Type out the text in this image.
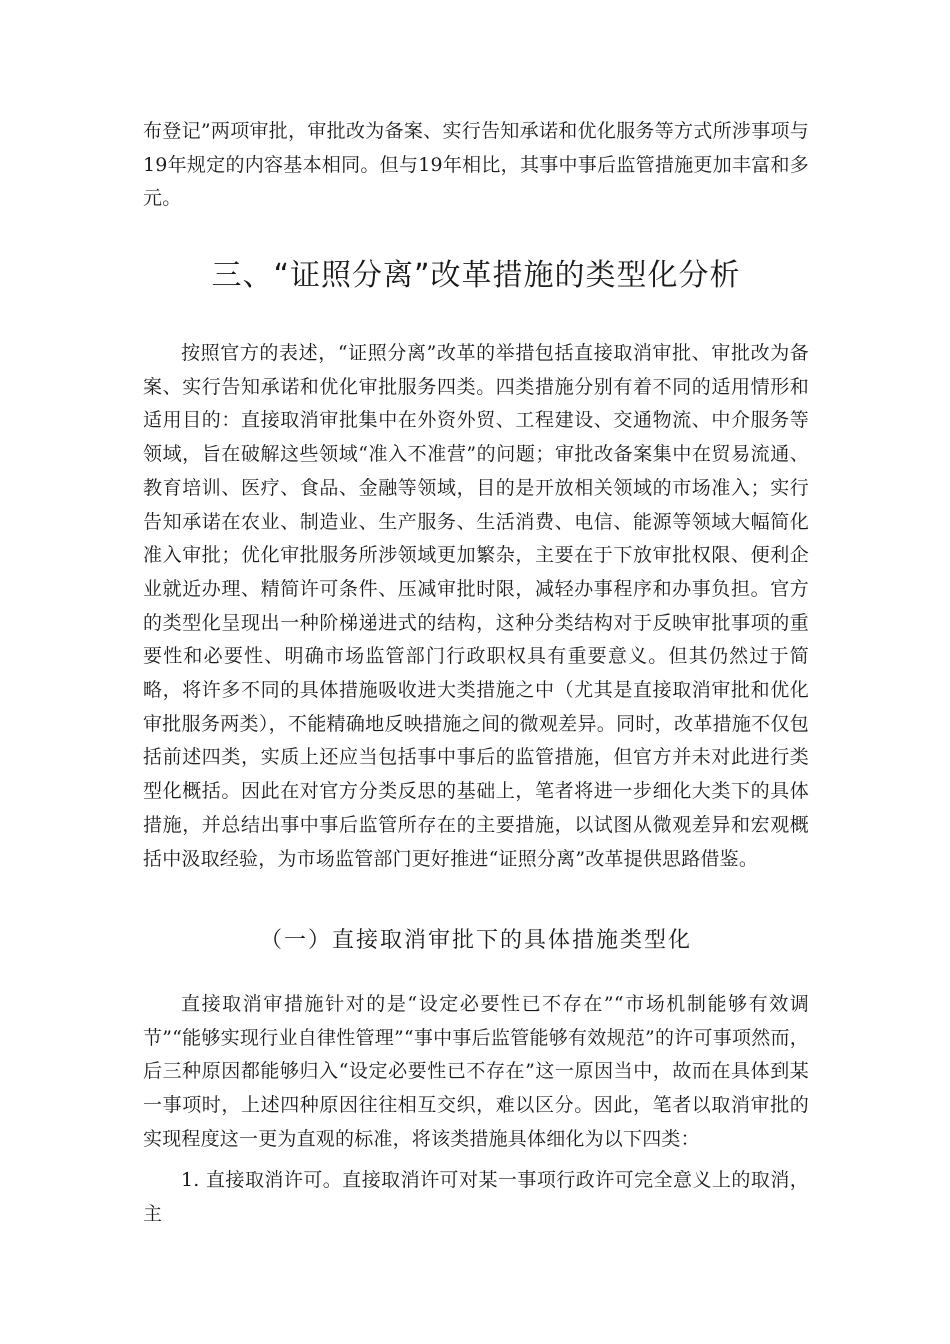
布登记”两项审批，审批改为备案、实行告知承诺和优化服务等方式所涉事项与19年规定的内容基本相同。但与19年相比，其事中事后监管措施更加丰富和多元。

三、“证照分离”改革措施的类型化分析

按照官方的表述，“证照分离”改革的举措包括直接取消审批、审批改为备案、实行告知承诺和优化审批服务四类。四类措施分别有着不同的适用情形和适用目的：直接取消审批集中在外资外贸、工程建设、交通物流、中介服务等领域，旨在破解这些领域“准入不准营”的问题；审批改备案集中在贸易流通、教育培训、医疗、食品、金融等领域，目的是开放相关领域的市场准入；实行告知承诺在农业、制造业、生产服务、生活消费、电信、能源等领域大幅简化准入审批；优化审批服务所涉领域更加繁杂，主要在于下放审批权限、便利企业就近办理、精简许可条件、压减审批时限，减轻办事程序和办事负担。官方的类型化呈现出一种阶梯递进式的结构，这种分类结构对于反映审批事项的重要性和必要性、明确市场监管部门行政职权具有重要意义。但其仍然过于简略，将许多不同的具体措施吸收进大类措施之中（尤其是直接取消审批和优化审批服务两类），不能精确地反映措施之间的微观差异。同时，改革措施不仅包括前述四类，实质上还应当包括事中事后的监管措施，但官方并未对此进行类型化概括。因此在对官方分类反思的基础上，笔者将进一步细化大类下的具体措施，并总结出事中事后监管所存在的主要措施，以试图从微观差异和宏观概括中汲取经验，为市场监管部门更好推进“证照分离”改革提供思路借鉴。

（一）直接取消审批下的具体措施类型化

直接取消审措施针对的是“设定必要性已不存在”“市场机制能够有效调节”“能够实现行业自律性管理”“事中事后监管能够有效规范”的许可事项然而，后三种原因都能够归入“设定必要性已不存在”这一原因当中，故而在具体到某一事项时，上述四种原因往往相互交织，难以区分。因此，笔者以取消审批的实现程度这一更为直观的标准，将该类措施具体细化为以下四类：

1. 直接取消许可。直接取消许可对某一事项行政许可完全意义上的取消，主
